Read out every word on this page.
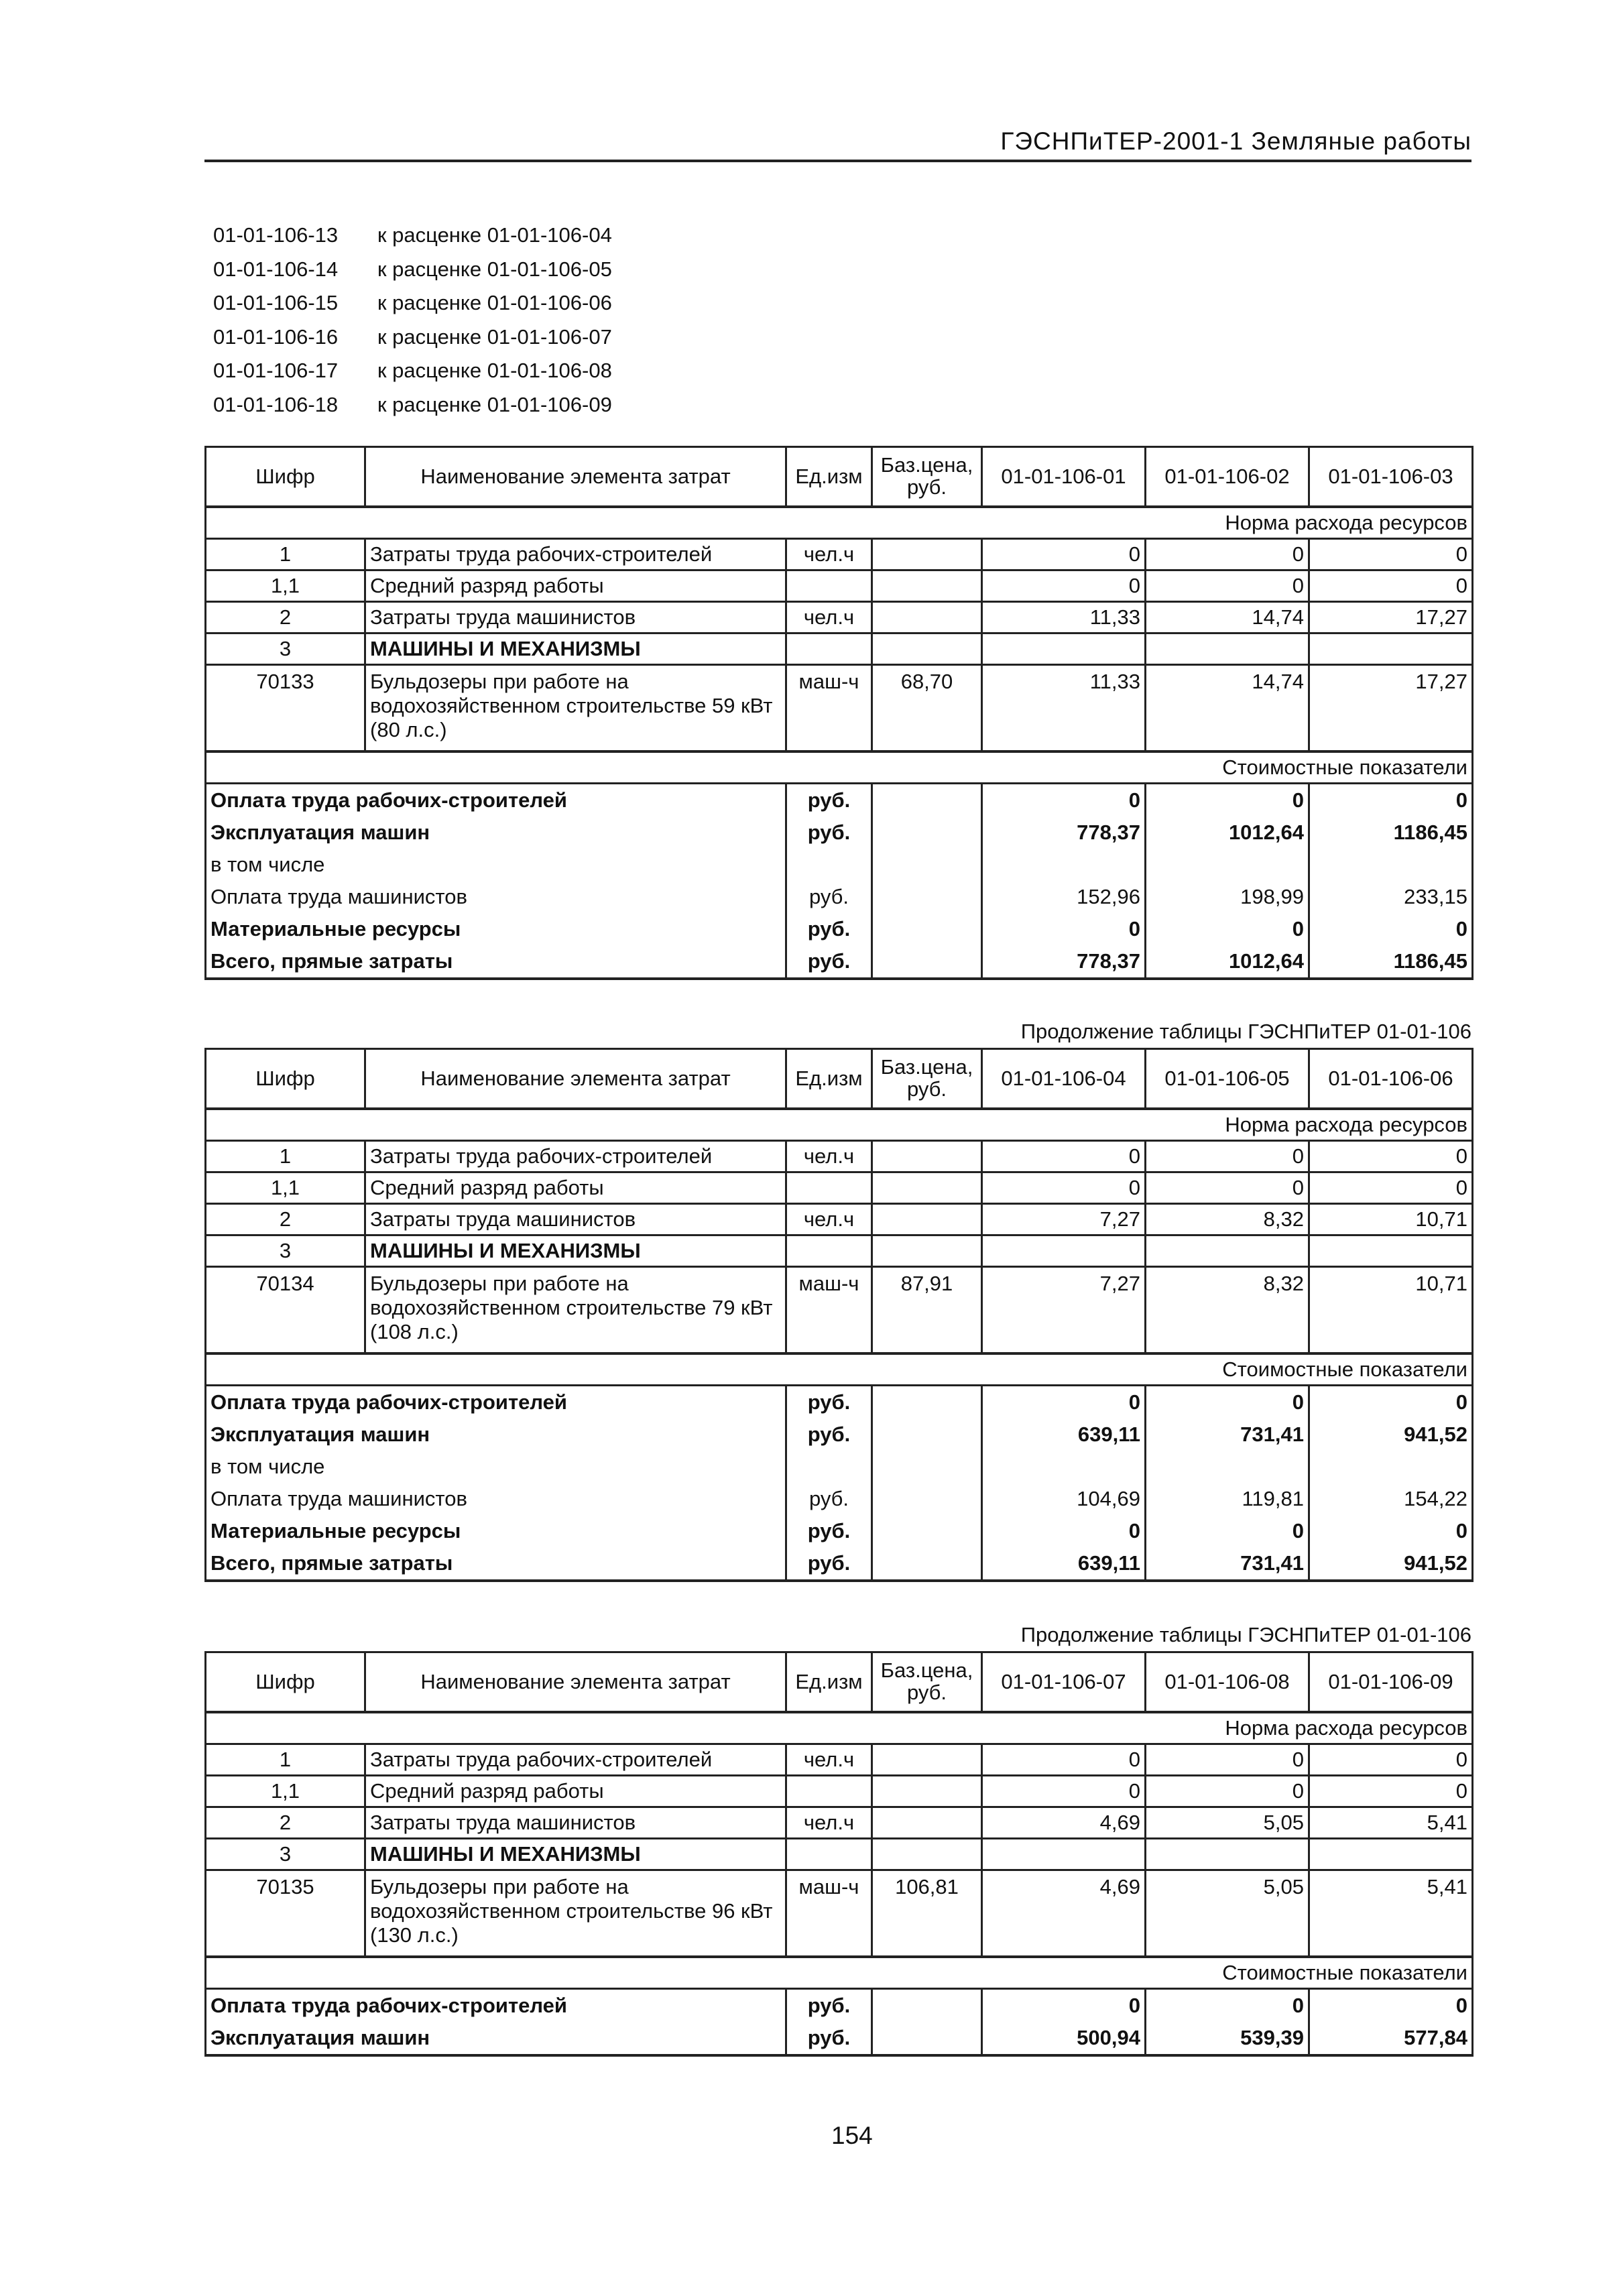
ГЭСНПиТЕР-2001-1 Земляные работы
01-01-106-13	к расценке 01-01-106-04
01-01-106-14	к расценке 01-01-106-05
01-01-106-15	к расценке 01-01-106-06
01-01-106-16	к расценке 01-01-106-07
01-01-106-17	к расценке 01-01-106-08
01-01-106-18	к расценке 01-01-106-09
Шифр	Наименование элемента затрат	Ед.изм	Баз.цена, руб.	01-01-106-01	01-01-106-02	01-01-106-03
Норма расхода ресурсов						
1	Затраты труда рабочих-строителей	чел.ч		0	0	0
1,1	Средний разряд работы			0	0	0
2	Затраты труда машинистов	чел.ч		11,33	14,74	17,27
3	МАШИНЫ И МЕХАНИЗМЫ					
70133	Бульдозеры при работе на водохозяйственном строительстве 59 кВт (80 л.с.)	маш-ч	68,70	11,33	14,74	17,27
Стоимостные показатели						
Оплата труда рабочих-строителей		руб.		0	0	0
Эксплуатация машин		руб.		778,37	1012,64	1186,45
в том числе						
Оплата труда машинистов		руб.		152,96	198,99	233,15
Материальные ресурсы		руб.		0	0	0
Всего, прямые затраты		руб.		778,37	1012,64	1186,45
Продолжение таблицы ГЭСНПиТЕР 01-01-106
Шифр	Наименование элемента затрат	Ед.изм	Баз.цена, руб.	01-01-106-04	01-01-106-05	01-01-106-06
Норма расхода ресурсов						
1	Затраты труда рабочих-строителей	чел.ч		0	0	0
1,1	Средний разряд работы			0	0	0
2	Затраты труда машинистов	чел.ч		7,27	8,32	10,71
3	МАШИНЫ И МЕХАНИЗМЫ					
70134	Бульдозеры при работе на водохозяйственном строительстве 79 кВт (108 л.с.)	маш-ч	87,91	7,27	8,32	10,71
Стоимостные показатели						
Оплата труда рабочих-строителей		руб.		0	0	0
Эксплуатация машин		руб.		639,11	731,41	941,52
в том числе						
Оплата труда машинистов		руб.		104,69	119,81	154,22
Материальные ресурсы		руб.		0	0	0
Всего, прямые затраты		руб.		639,11	731,41	941,52
Продолжение таблицы ГЭСНПиТЕР 01-01-106
Шифр	Наименование элемента затрат	Ед.изм	Баз.цена, руб.	01-01-106-07	01-01-106-08	01-01-106-09
Норма расхода ресурсов						
1	Затраты труда рабочих-строителей	чел.ч		0	0	0
1,1	Средний разряд работы			0	0	0
2	Затраты труда машинистов	чел.ч		4,69	5,05	5,41
3	МАШИНЫ И МЕХАНИЗМЫ					
70135	Бульдозеры при работе на водохозяйственном строительстве 96 кВт (130 л.с.)	маш-ч	106,81	4,69	5,05	5,41
Стоимостные показатели						
Оплата труда рабочих-строителей		руб.		0	0	0
Эксплуатация машин		руб.		500,94	539,39	577,84
154
